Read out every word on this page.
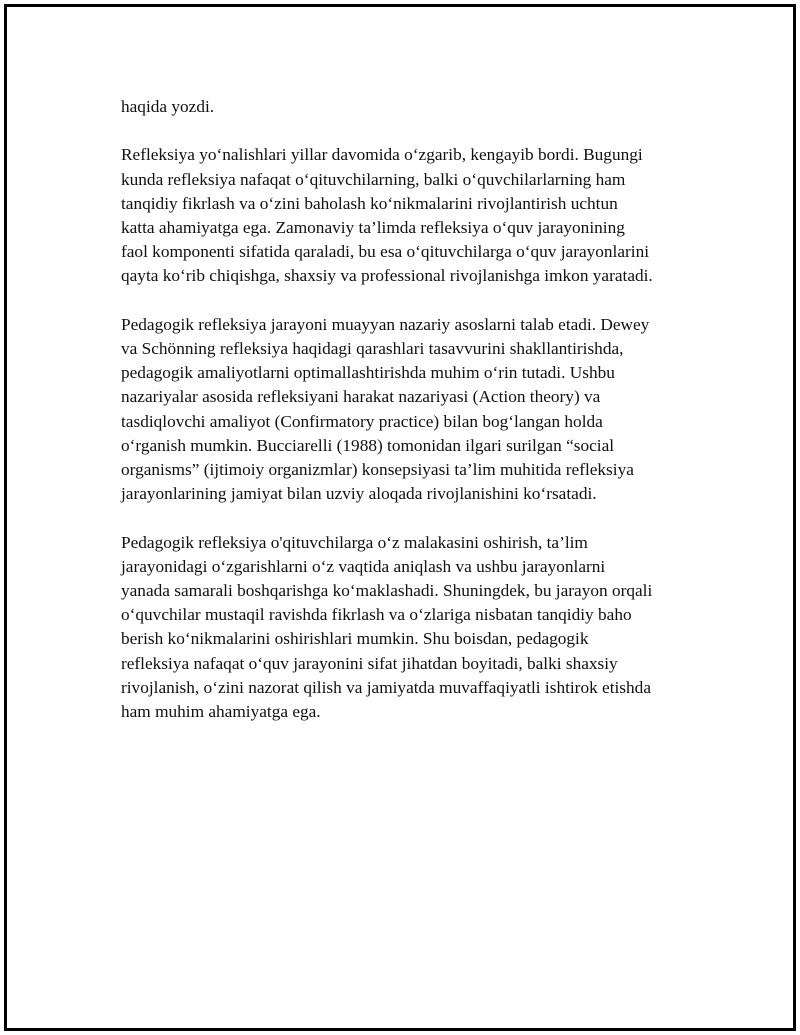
haqida yozdi.

Refleksiya yo‘nalishlari yillar davomida o‘zgarib, kengayib bordi. Bugungi
kunda refleksiya nafaqat o‘qituvchilarning, balki o‘quvchilarlarning ham
tanqidiy fikrlash va o‘zini baholash ko‘nikmalarini rivojlantirish uchtun
katta ahamiyatga ega. Zamonaviy ta’limda refleksiya o‘quv jarayonining
faol komponenti sifatida qaraladi, bu esa o‘qituvchilarga o‘quv jarayonlarini
qayta ko‘rib chiqishga, shaxsiy va professional rivojlanishga imkon yaratadi.

Pedagogik refleksiya jarayoni muayyan nazariy asoslarni talab etadi. Dewey
va Schönning refleksiya haqidagi qarashlari tasavvurini shakllantirishda,
pedagogik amaliyotlarni optimallashtirishda muhim o‘rin tutadi. Ushbu
nazariyalar asosida refleksiyani harakat nazariyasi (Action theory) va
tasdiqlovchi amaliyot (Confirmatory practice) bilan bog‘langan holda
o‘rganish mumkin. Bucciarelli (1988) tomonidan ilgari surilgan “social
organisms” (ijtimoiy organizmlar) konsepsiyasi ta’lim muhitida refleksiya
jarayonlarining jamiyat bilan uzviy aloqada rivojlanishini ko‘rsatadi.

Pedagogik refleksiya o'qituvchilarga o‘z malakasini oshirish, ta’lim
jarayonidagi o‘zgarishlarni o‘z vaqtida aniqlash va ushbu jarayonlarni
yanada samarali boshqarishga ko‘maklashadi. Shuningdek, bu jarayon orqali
o‘quvchilar mustaqil ravishda fikrlash va o‘zlariga nisbatan tanqidiy baho
berish ko‘nikmalarini oshirishlari mumkin. Shu boisdan, pedagogik
refleksiya nafaqat o‘quv jarayonini sifat jihatdan boyitadi, balki shaxsiy
rivojlanish, o‘zini nazorat qilish va jamiyatda muvaffaqiyatli ishtirok etishda
ham muhim ahamiyatga ega.
